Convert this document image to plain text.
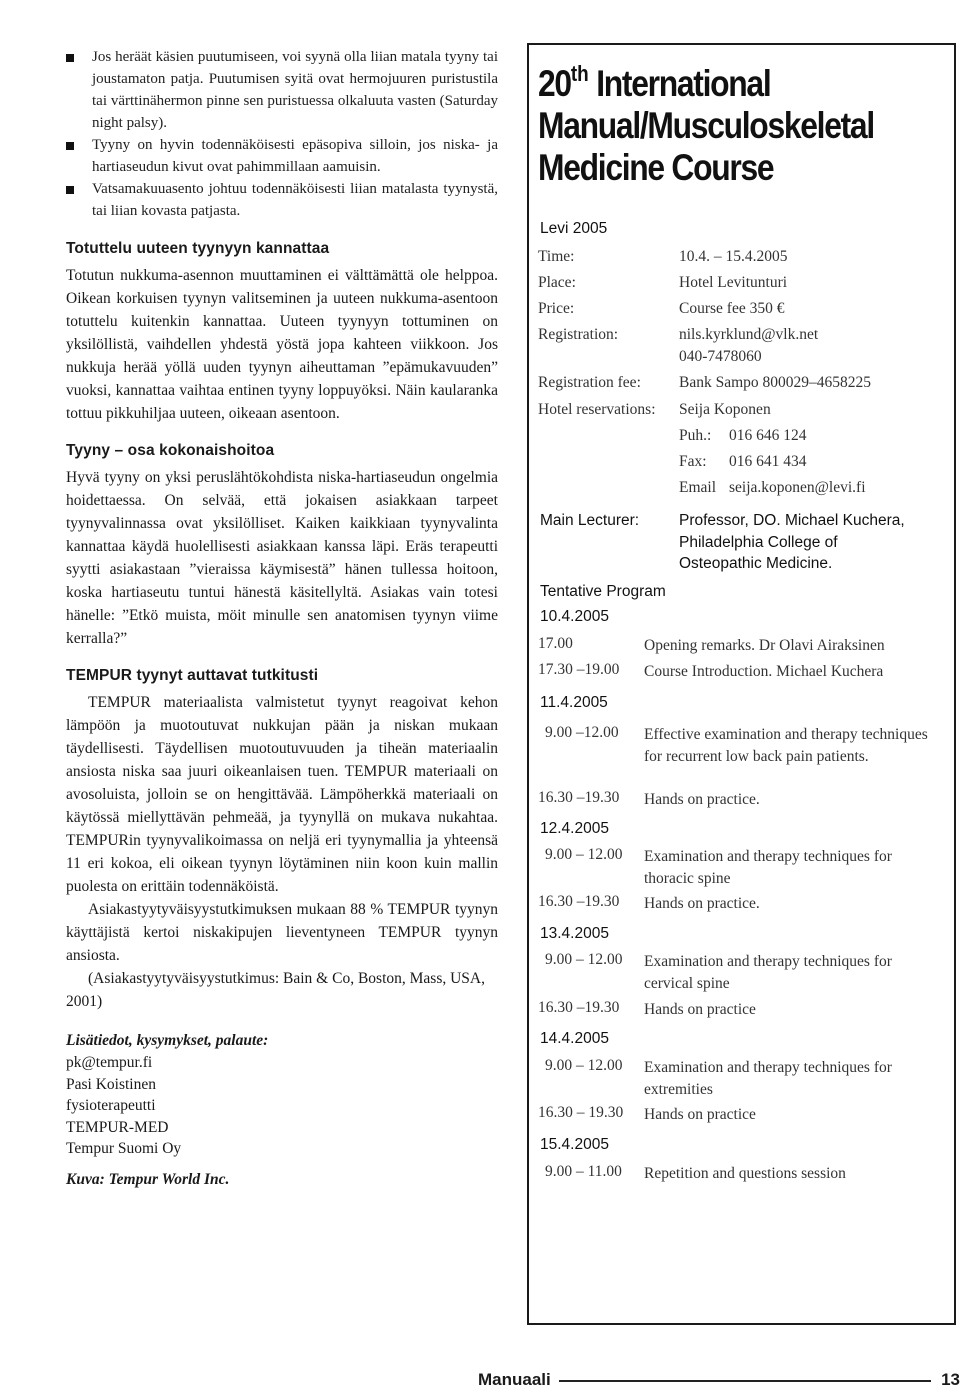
Jos heräät käsien puutumiseen, voi syynä olla liian matala tyyny tai joustamaton patja. Puutumisen syitä ovat hermojuuren puristustila tai värttinähermon pinne sen puristuessa olkaluuta vasten (Saturday night palsy).

Tyyny on hyvin todennäköisesti epäsopiva silloin, jos niska- ja hartiaseudun kivut ovat pahimmillaan aamuisin.

Vatsamakuuasento johtuu todennäköisesti liian matalasta tyynystä, tai liian kovasta patjasta.

Totuttelu uuteen tyynyyn kannattaa

Totutun nukkuma-asennon muuttaminen ei välttämättä ole helppoa. Oikean korkuisen tyynyn valitseminen ja uuteen nukkuma-asentoon totuttelu kuitenkin kannattaa. Uuteen tyynyyn tottuminen on yksilöllistä, vaihdellen yhdestä yöstä jopa kahteen viikkoon. Jos nukkuja herää yöllä uuden tyynyn aiheuttaman ”epämukavuuden” vuoksi, kannattaa vaihtaa entinen tyyny loppuyöksi. Näin kaularanka tottuu pikkuhiljaa uuteen, oikeaan asentoon.

Tyyny – osa kokonaishoitoa

Hyvä tyyny on yksi peruslähtökohdista niska-hartiaseudun ongelmia hoidettaessa. On selvää, että jokaisen asiakkaan tarpeet tyynyvalinnassa ovat yksilölliset. Kaiken kaikkiaan tyynyvalinta kannattaa käydä huolellisesti asiakkaan kanssa läpi. Eräs terapeutti syytti asiakastaan ”vieraissa käymisestä” hänen tullessa hoitoon, koska hartiaseutu tuntui hänestä käsitellyltä. Asiakas vain totesi hänelle: ”Etkö muista, möit minulle sen anatomisen tyynyn viime kerralla?”

TEMPUR tyynyt auttavat tutkitusti

TEMPUR materiaalista valmistetut tyynyt reagoivat kehon lämpöön ja muotoutuvat nukkujan pään ja niskan mukaan täydellisesti. Täydellisen muotoutuvuuden ja tiheän materiaalin ansiosta niska saa juuri oikeanlaisen tuen. TEMPUR materiaali on avosoluista, jolloin se on hengittävää. Lämpöherkkä materiaali on käytössä miellyttävän pehmeää, ja tyynyllä on mukava nukahtaa. TEMPURin tyynyvalikoimassa on neljä eri tyynymallia ja yhteensä 11 eri kokoa, eli oikean tyynyn löytäminen niin koon kuin mallin puolesta on erittäin todennäköistä.

Asiakastyytyväisyystutkimuksen mukaan 88 % TEMPUR tyynyn käyttäjistä kertoi niskakipujen lieventyneen TEMPUR tyynyn ansiosta.

(Asiakastyytyväisyystutkimus: Bain & Co, Boston, Mass, USA, 2001)

Lisätiedot, kysymykset, palaute:

pk@tempur.fi
Pasi Koistinen
fysioterapeutti
TEMPUR-MED
Tempur Suomi Oy

Kuva: Tempur World Inc.

20th International
Manual/Musculoskeletal
Medicine Course
Levi 2005
Time:	10.4. – 15.4.2005
Place:	Hotel Levitunturi
Price:	Course fee 350 €
Registration:	nils.kyrklund@vlk.net
040-7478060
Registration fee: Bank Sampo 800029–4658225
Hotel reservations: Seija Koponen
Puh.: 016 646 124
Fax: 016 641 434
Email seija.koponen@levi.fi
Main Lecturer:	Professor, DO. Michael Kuchera,
Philadelphia College of
Osteopathic Medicine.
Tentative Program
10.4.2005
17.00	Opening remarks. Dr Olavi Airaksinen
17.30 –19.00	Course Introduction. Michael Kuchera
11.4.2005
9.00 –12.00	Effective examination and therapy techniques for recurrent low back pain patients.
16.30 –19.30	Hands on practice.
12.4.2005
9.00 – 12.00	Examination and therapy techniques for thoracic spine
16.30 –19.30	Hands on practice.
13.4.2005
9.00 – 12.00	Examination and therapy techniques for cervical spine
16.30 –19.30	Hands on practice
14.4.2005
9.00 – 12.00	Examination and therapy techniques for extremities
16.30 – 19.30	Hands on practice
15.4.2005
9.00 – 11.00	Repetition and questions session
Manuaali	13
